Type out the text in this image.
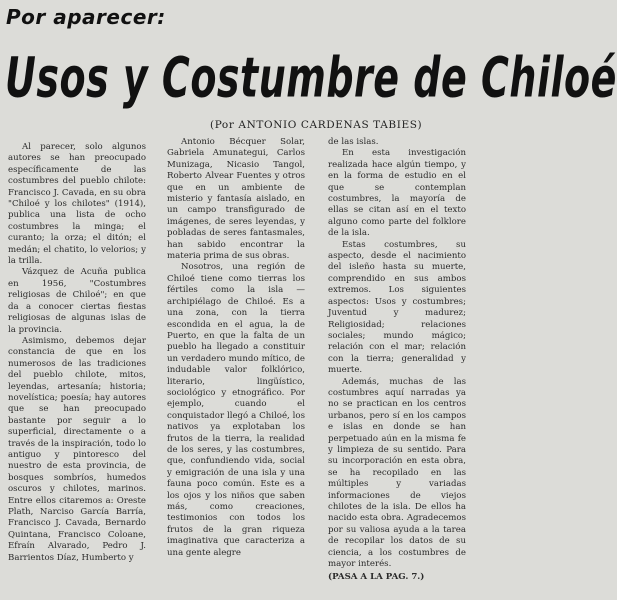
Por aparecer:
Usos y Costumbre de Chiloé
(Por ANTONIO CARDENAS TABIES)

Al parecer, solo algunos autores se han preocupado específicamente de las costumbres del pueblo chilote: Francisco J. Cavada, en su obra "Chiloé y los chilotes" (1914), publica una lista de ocho costumbres la minga; el curanto; la orza; el ditón; el medán; el chatito, lo velorios; y la trilla.

Vázquez de Acuña publica en 1956, "Costumbres religiosas de Chiloé"; en que da a conocer ciertas fiestas religiosas de algunas islas de la provincia.

Asimismo, debemos dejar constancia de que en los numerosos de las tradiciones del pueblo chilote, mitos, leyendas, artesanía; historia; novelística; poesía; hay autores que se han preocupado bastante por seguir a lo superficial, directamente o a través de la inspiración, todo lo antiguo y pintoresco del nuestro de esta provincia, de bosques sombríos, humedos oscuros y chilotes, marinos. Entre ellos citaremos a: Oreste Plath, Narciso García Barría, Francisco J. Cavada, Bernardo Quintana, Francisco Coloane, Efraín Alvarado, Pedro J. Barrientos Díaz, Humberto y

Antonio Bécquer Solar, Gabriela Amunategui, Carlos Munizaga, Nicasio Tangol, Roberto Alvear Fuentes y otros que en un ambiente de misterio y fantasía aislado, en un campo transfigurado de imágenes, de seres leyendas, y pobladas de seres fantasmales, han sabido encontrar la materia prima de sus obras.

Nosotros, una región de Chiloé tiene como tierras los fértiles como la isla — archipiélago de Chiloé. Es a una zona, con la tierra escondida en el agua, la de Puerto, en que la falta de un pueblo ha llegado a constituir un verdadero mundo mítico, de indudable valor folklórico, literario, lingüístico, sociológico y etnográfico. Por ejemplo, cuando el conquistador llegó a Chiloé, los nativos ya explotaban los frutos de la tierra, la realidad de los seres, y las costumbres, que, confundiendo vida, social y emigración de una isla y una fauna poco común. Este es a los ojos y los niños que saben más, como creaciones, testimonios con todos los frutos de la gran riqueza imaginativa que caracteriza a una gente alegre

de las islas.

En esta investigación realizada hace algún tiempo, y en la forma de estudio en el que se contemplan costumbres, la mayoría de ellas se citan así en el texto alguno como parte del folklore de la isla.

Estas costumbres, su aspecto, desde el nacimiento del isleño hasta su muerte, comprendido en sus ambos extremos. Los siguientes aspectos: Usos y costumbres; Juventud y madurez; Religiosidad; relaciones sociales; mundo mágico; relación con el mar; relación con la tierra; generalidad y muerte.

Además, muchas de las costumbres aquí narradas ya no se practican en los centros urbanos, pero sí en los campos e islas en donde se han perpetuado aún en la misma fe y limpieza de su sentido. Para su incorporación en esta obra, se ha recopilado en las múltiples y variadas informaciones de viejos chilotes de la isla. De ellos ha nacido esta obra. Agradecemos por su valiosa ayuda a la tarea de recopilar los datos de su ciencia, a los costumbres de mayor interés.

(PASA A LA PAG. 7.)
